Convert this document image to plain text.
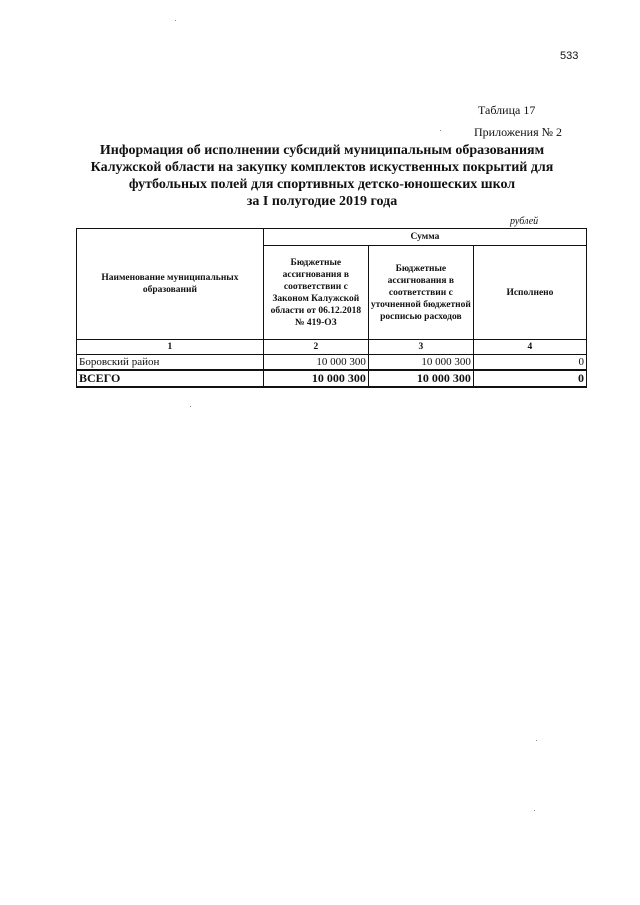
533
Таблица 17
Приложения № 2
Информация об исполнении субсидий муниципальным образованиям
Калужской области на закупку комплектов искуственных покрытий для
футбольных полей для спортивных детско-юношеских школ
за I полугодие 2019 года
рублей
Наименование муниципальных образований	Сумма		
	Бюджетные ассигнования в соответствии с Законом Калужской области от 06.12.2018 № 419-ОЗ	Бюджетные ассигнования в соответствии с уточненной бюджетной росписью расходов	Исполнено
1	2	3	4
Боровский район	10 000 300	10 000 300	0
ВСЕГО	10 000 300	10 000 300	0
